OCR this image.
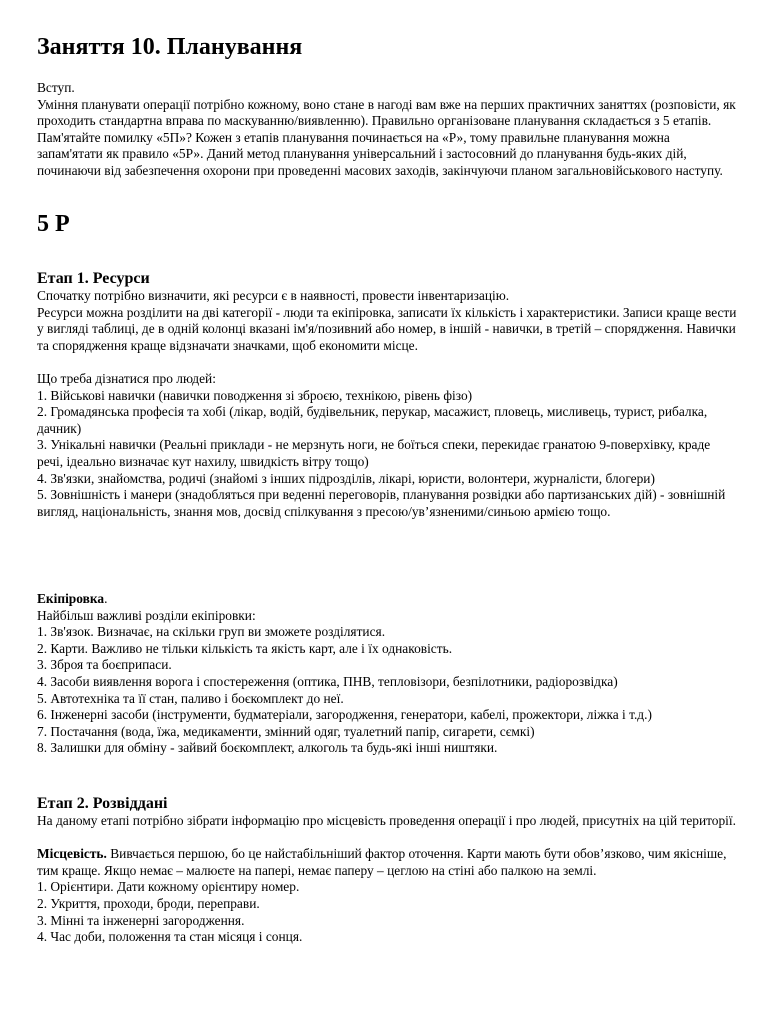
Заняття 10. Планування

Вступ.

Уміння планувати операції потрібно кожному, воно стане в нагоді вам вже на перших практичних заняттях (розповісти, як проходить стандартна вправа по маскуванню/виявленню). Правильно організоване планування складається з 5 етапів. Пам'ятайте помилку «5П»? Кожен з етапів планування починається на «Р», тому правильне планування можна запам'ятати як правило «5Р». Даний метод планування універсальний і застосовний до планування будь-яких дій, починаючи від забезпечення охорони при проведенні масових заходів, закінчуючи планом загальновійськового наступу.

5 Р
Етап 1. Ресурси

Спочатку потрібно визначити, які ресурси є в наявності, провести інвентаризацію.

Ресурси можна розділити на дві категорії - люди та екіпіровка, записати їх кількість і характеристики. Записи краще вести у вигляді таблиці, де в одній колонці вказані ім'я/позивний або номер, в іншій - навички, в третій – спорядження. Навички та спорядження краще відзначати значками, щоб економити місце.

Що треба дізнатися про людей:

1. Військові навички (навички поводження зі зброєю, технікою, рівень фізо)

2. Громадянська професія та хобі (лікар, водій, будівельник, перукар, масажист, пловець, мисливець, турист, рибалка, дачник)

3. Унікальні навички (Реальні приклади - не мерзнуть ноги, не боїться спеки, перекидає гранатою 9-поверхівку, краде речі, ідеально визначає кут нахилу, швидкість вітру тощо)

4. Зв'язки, знайомства, родичі (знайомі з інших підрозділів, лікарі, юристи, волонтери, журналісти, блогери)

5. Зовнішність і манери (знадобляться при веденні переговорів, планування розвідки або партизанських дій) - зовнішній вигляд, національність, знання мов, досвід спілкування з пресою/ув’язненими/синьою армією тощо.

Екіпіровка.

Найбільш важливі розділи екіпіровки:

1. Зв'язок. Визначає, на скільки груп ви зможете розділятися.

2. Карти. Важливо не тільки кількість та якість карт, але і їх однаковість.

3. Зброя та боєприпаси.

4. Засоби виявлення ворога і спостереження (оптика, ПНВ, тепловізори, безпілотники, радіорозвідка)

5. Автотехніка та її стан, паливо і боєкомплект до неї.

6. Інженерні засоби (інструменти, будматеріали, загородження, генератори, кабелі, прожектори, ліжка і т.д.)

7. Постачання (вода, їжа, медикаменти, змінний одяг, туалетний папір, сигарети, сємкі)

8. Залишки для обміну - зайвий боєкомплект, алкоголь та будь-які інші ништяки.

Етап 2. Розвіддані

На даному етапі потрібно зібрати інформацію про місцевість проведення операції і про людей, присутніх на цій території.

Місцевість. Вивчається першою, бо це найстабільніший фактор оточення. Карти мають бути обов’язково, чим якісніше, тим краще. Якщо немає – малюєте на папері, немає паперу – цеглою на стіні або палкою на землі.

1. Орієнтири. Дати кожному орієнтиру номер.

2. Укриття, проходи, броди, переправи.

3. Мінні та інженерні загородження.

4. Час доби, положення та стан місяця і сонця.
